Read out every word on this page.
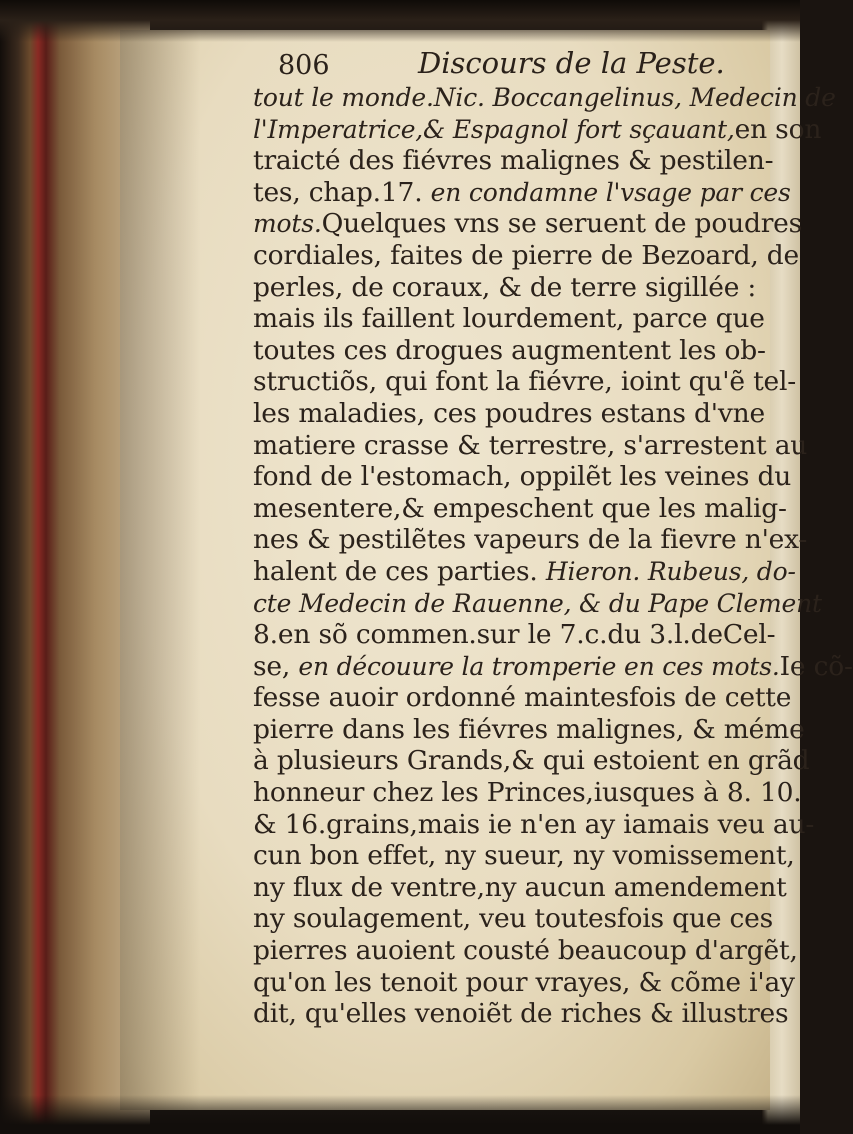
806	Discours de la Peste.
tout le monde.Nic. Boccangelinus, Medecin de
l'Imperatrice,& Espagnol fort sçauant,en son
traicté des fiévres malignes & pestilen-
tes, chap.17. en condamne l'vsage par ces
mots.Quelques vns se seruent de poudres
cordiales, faites de pierre de Bezoard, de
perles, de coraux, & de terre sigillée :
mais ils faillent lourdement, parce que
toutes ces drogues augmentent les ob-
structiõs, qui font la fiévre, ioint qu'ẽ tel-
les maladies, ces poudres estans d'vne
matiere crasse & terrestre, s'arrestent au
fond de l'estomach, oppilẽt les veines du
mesentere,& empeschent que les malig-
nes & pestilẽtes vapeurs de la fievre n'ex-
halent de ces parties. Hieron. Rubeus, do-
cte Medecin de Rauenne, & du Pape Clement
8.en sõ commen.sur le 7.c.du 3.l.deCel-
se, en découure la tromperie en ces mots.Ie cõ-
fesse auoir ordonné maintesfois de cette
pierre dans les fiévres malignes, & méme
à plusieurs Grands,& qui estoient en grãd
honneur chez les Princes,iusques à 8. 10.
& 16.grains,mais ie n'en ay iamais veu au-
cun bon effet, ny sueur, ny vomissement,
ny flux de ventre,ny aucun amendement
ny soulagement, veu toutesfois que ces
pierres auoient cousté beaucoup d'argẽt,
qu'on les tenoit pour vrayes, & cõme i'ay
dit, qu'elles venoiẽt de riches & illustres
